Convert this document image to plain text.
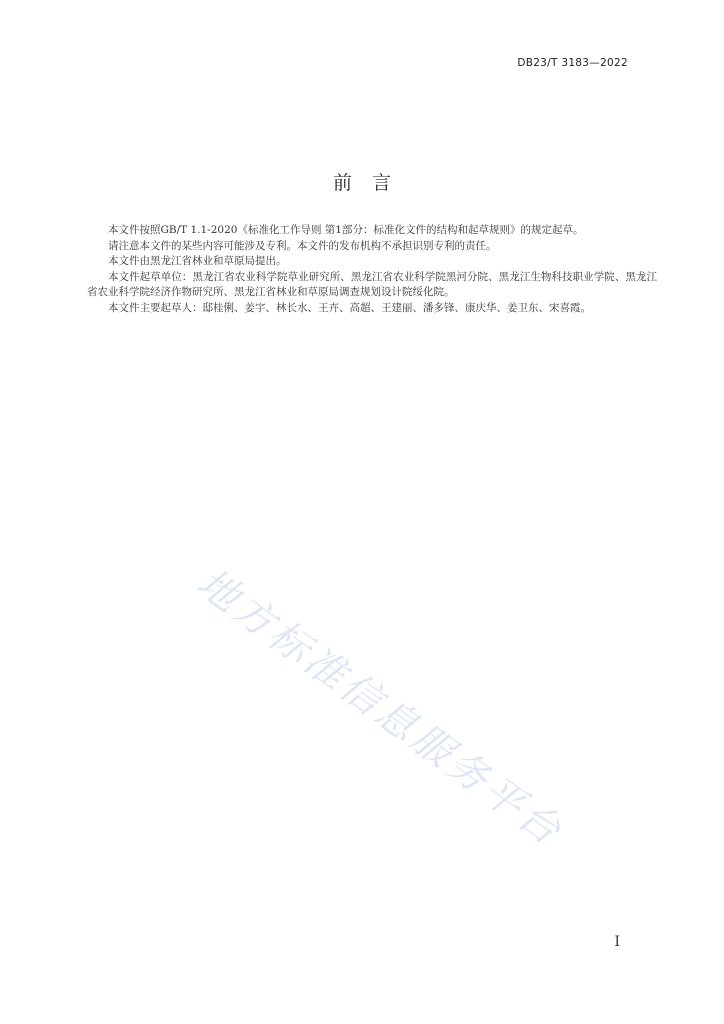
DB23/T 3183—2022
前言

本文件按照GB/T 1.1-2020《标准化工作导则 第1部分：标准化文件的结构和起草规则》的规定起草。

请注意本文件的某些内容可能涉及专利。本文件的发布机构不承担识别专利的责任。

本文件由黑龙江省林业和草原局提出。

本文件起草单位：黑龙江省农业科学院草业研究所、黑龙江省农业科学院黑河分院、黑龙江生物科技职业学院、黑龙江省农业科学院经济作物研究所、黑龙江省林业和草原局调查规划设计院绥化院。

本文件主要起草人：邸桂俐、姜宇、林长水、王卉、高超、王建丽、潘多锋、康庆华、姜卫东、宋喜霞。

地方标准信息服务平台
I
